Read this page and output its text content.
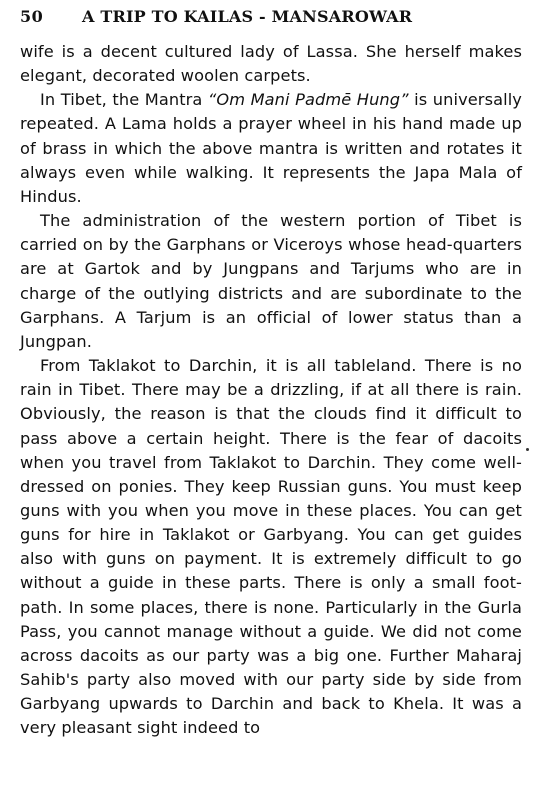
50	A TRIP TO KAILAS - MANSAROWAR

wife is a decent cultured lady of Lassa. She herself makes elegant, decorated woolen carpets.

In Tibet, the Mantra “Om Mani Padmē Hung” is universally repeated. A Lama holds a prayer wheel in his hand made up of brass in which the above mantra is written and rotates it always even while walking. It represents the Japa Mala of Hindus.

The administration of the western portion of Tibet is carried on by the Garphans or Viceroys whose head-quarters are at Gartok and by Jungpans and Tarjums who are in charge of the outlying districts and are subordinate to the Garphans. A Tarjum is an official of lower status than a Jungpan.

From Taklakot to Darchin, it is all tableland. There is no rain in Tibet. There may be a drizzling, if at all there is rain. Obviously, the reason is that the clouds find it difficult to pass above a certain height. There is the fear of dacoits when you travel from Taklakot to Darchin. They come well-dressed on ponies. They keep Russian guns. You must keep guns with you when you move in these places. You can get guns for hire in Taklakot or Garbyang. You can get guides also with guns on payment. It is extremely difficult to go without a guide in these parts. There is only a small foot-path. In some places, there is none. Particularly in the Gurla Pass, you cannot manage without a guide. We did not come across dacoits as our party was a big one. Further Maharaj Sahib's party also moved with our party side by side from Garbyang upwards to Darchin and back to Khela. It was a very pleasant sight indeed to
